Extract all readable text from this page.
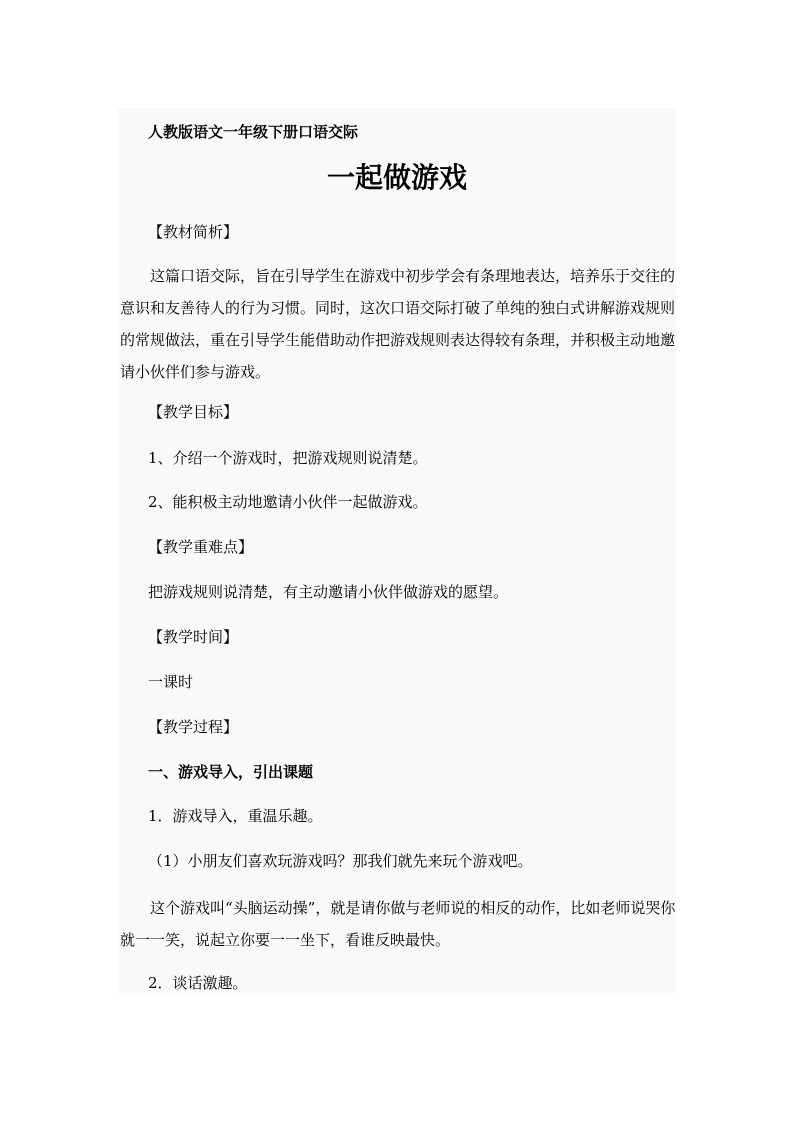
人教版语文一年级下册口语交际

一起做游戏

【教材简析】

这篇口语交际，旨在引导学生在游戏中初步学会有条理地表达，培养乐于交往的意识和友善待人的行为习惯。同时，这次口语交际打破了单纯的独白式讲解游戏规则的常规做法，重在引导学生能借助动作把游戏规则表达得较有条理，并积极主动地邀请小伙伴们参与游戏。

【教学目标】

1、介绍一个游戏时，把游戏规则说清楚。

2、能积极主动地邀请小伙伴一起做游戏。

【教学重难点】

把游戏规则说清楚，有主动邀请小伙伴做游戏的愿望。

【教学时间】

一课时

【教学过程】

一、游戏导入，引出课题

1．游戏导入，重温乐趣。

（1）小朋友们喜欢玩游戏吗？那我们就先来玩个游戏吧。

这个游戏叫“头脑运动操”，就是请你做与老师说的相反的动作，比如老师说哭你就一一笑，说起立你要一一坐下，看谁反映最快。

2．谈话激趣。
